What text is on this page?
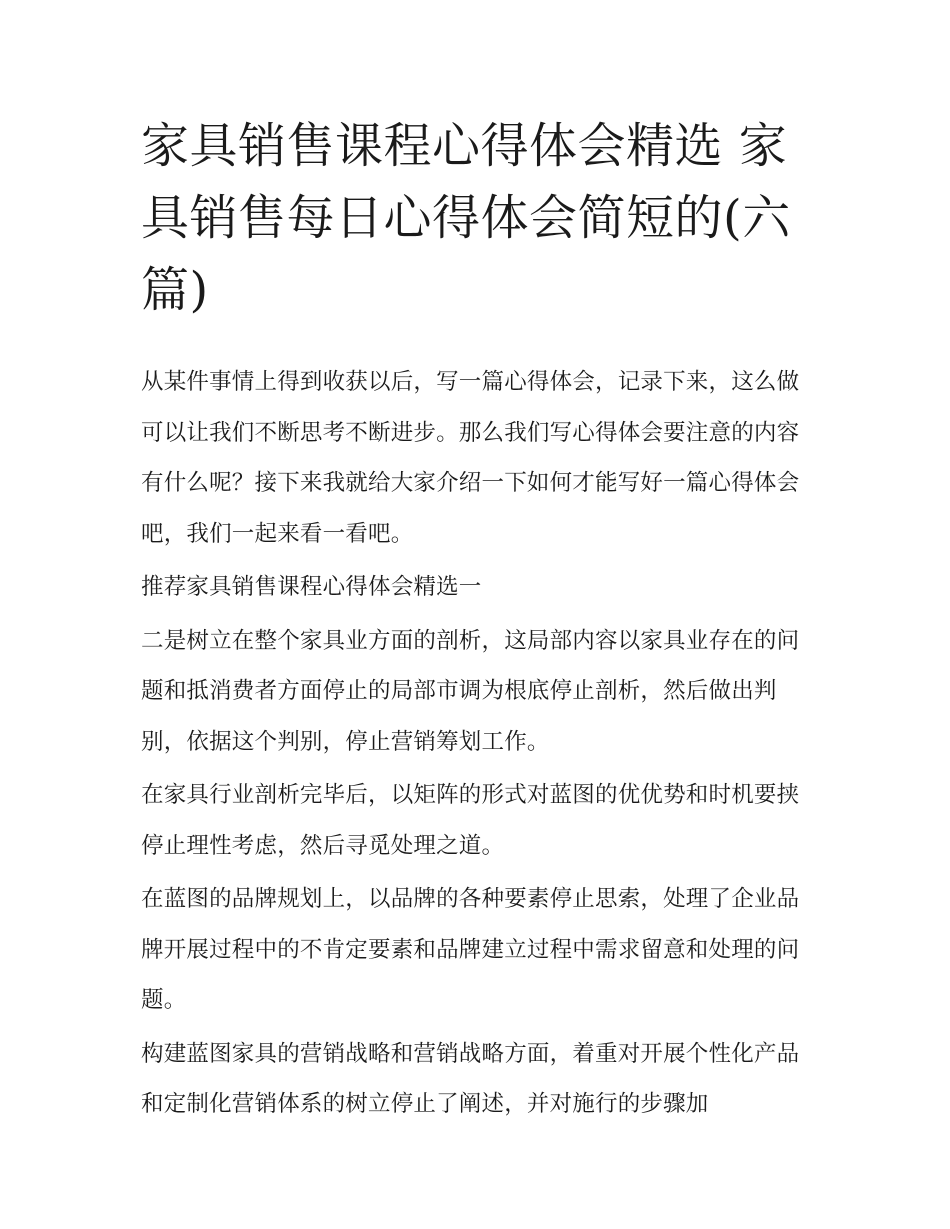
家具销售课程心得体会精选 家具销售每日心得体会简短的(六篇)

从某件事情上得到收获以后，写一篇心得体会，记录下来，这么做可以让我们不断思考不断进步。那么我们写心得体会要注意的内容有什么呢？接下来我就给大家介绍一下如何才能写好一篇心得体会吧，我们一起来看一看吧。

推荐家具销售课程心得体会精选一

二是树立在整个家具业方面的剖析，这局部内容以家具业存在的问题和抵消费者方面停止的局部市调为根底停止剖析，然后做出判别，依据这个判别，停止营销筹划工作。

在家具行业剖析完毕后，以矩阵的形式对蓝图的优优势和时机要挟停止理性考虑，然后寻觅处理之道。

在蓝图的品牌规划上，以品牌的各种要素停止思索，处理了企业品牌开展过程中的不肯定要素和品牌建立过程中需求留意和处理的问题。

构建蓝图家具的营销战略和营销战略方面，着重对开展个性化产品和定制化营销体系的树立停止了阐述，并对施行的步骤加
